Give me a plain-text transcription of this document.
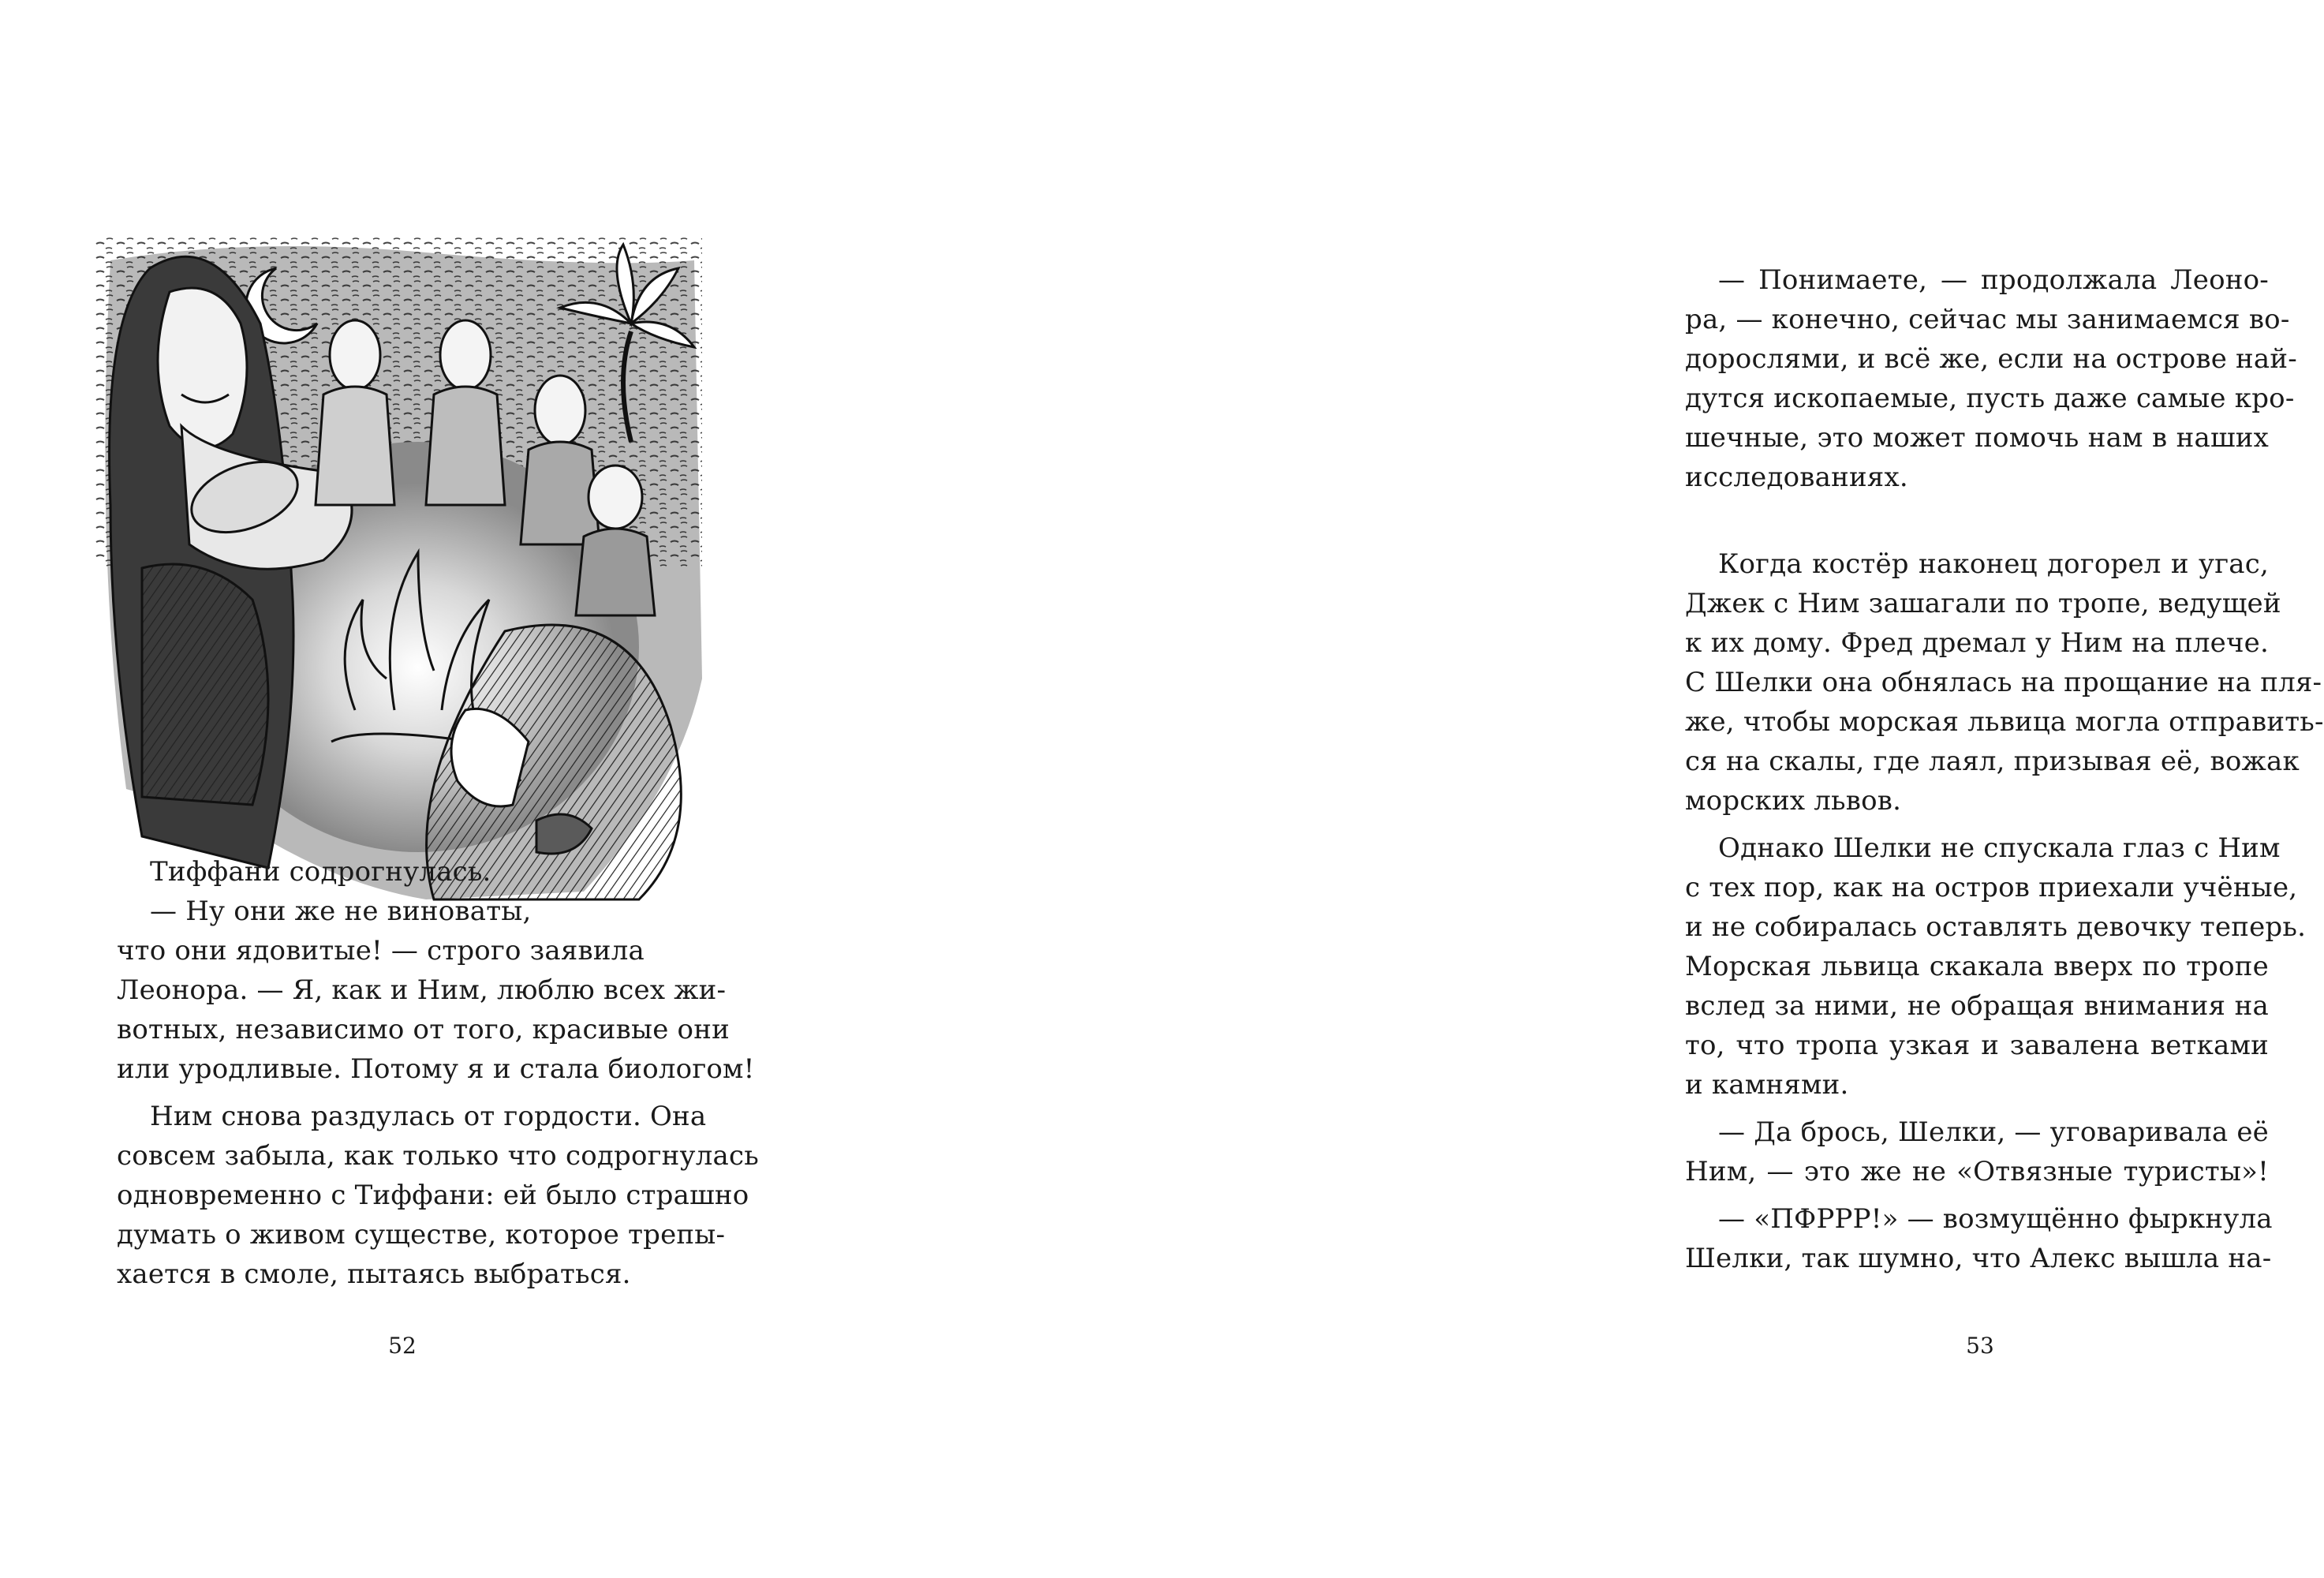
Тиффани содрогнулась.
— Ну они же не виноваты,
что они ядовитые! — строго заявила
Леонора. — Я, как и Ним, люблю всех жи-
вотных, независимо от того, красивые они
или уродливые. Потому я и стала биологом!
Ним снова раздулась от гордости. Она
совсем забыла, как только что содрогнулась
одновременно с Тиффани: ей было страшно
думать о живом существе, которое трепы-
хается в смоле, пытаясь выбраться.
52
— Понимаете, — продолжала Леоно-
ра, — конечно, сейчас мы занимаемся во-
дорослями, и всё же, если на острове най-
дутся ископаемые, пусть даже самые кро-
шечные, это может помочь нам в наших
исследованиях.
Когда костёр наконец догорел и угас,
Джек с Ним зашагали по тропе, ведущей
к их дому. Фред дремал у Ним на плече.
С Шелки она обнялась на прощание на пля-
же, чтобы морская львица могла отправить-
ся на скалы, где лаял, призывая её, вожак
морских львов.
Однако Шелки не спускала глаз с Ним
с тех пор, как на остров приехали учёные,
и не собиралась оставлять девочку теперь.
Морская львица скакала вверх по тропе
вслед за ними, не обращая внимания на
то, что тропа узкая и завалена ветками
и камнями.
— Да брось, Шелки, — уговаривала её
Ним, — это же не «Отвязные туристы»!
— «ПФРРР!» — возмущённо фыркнула
Шелки, так шумно, что Алекс вышла на-
53
